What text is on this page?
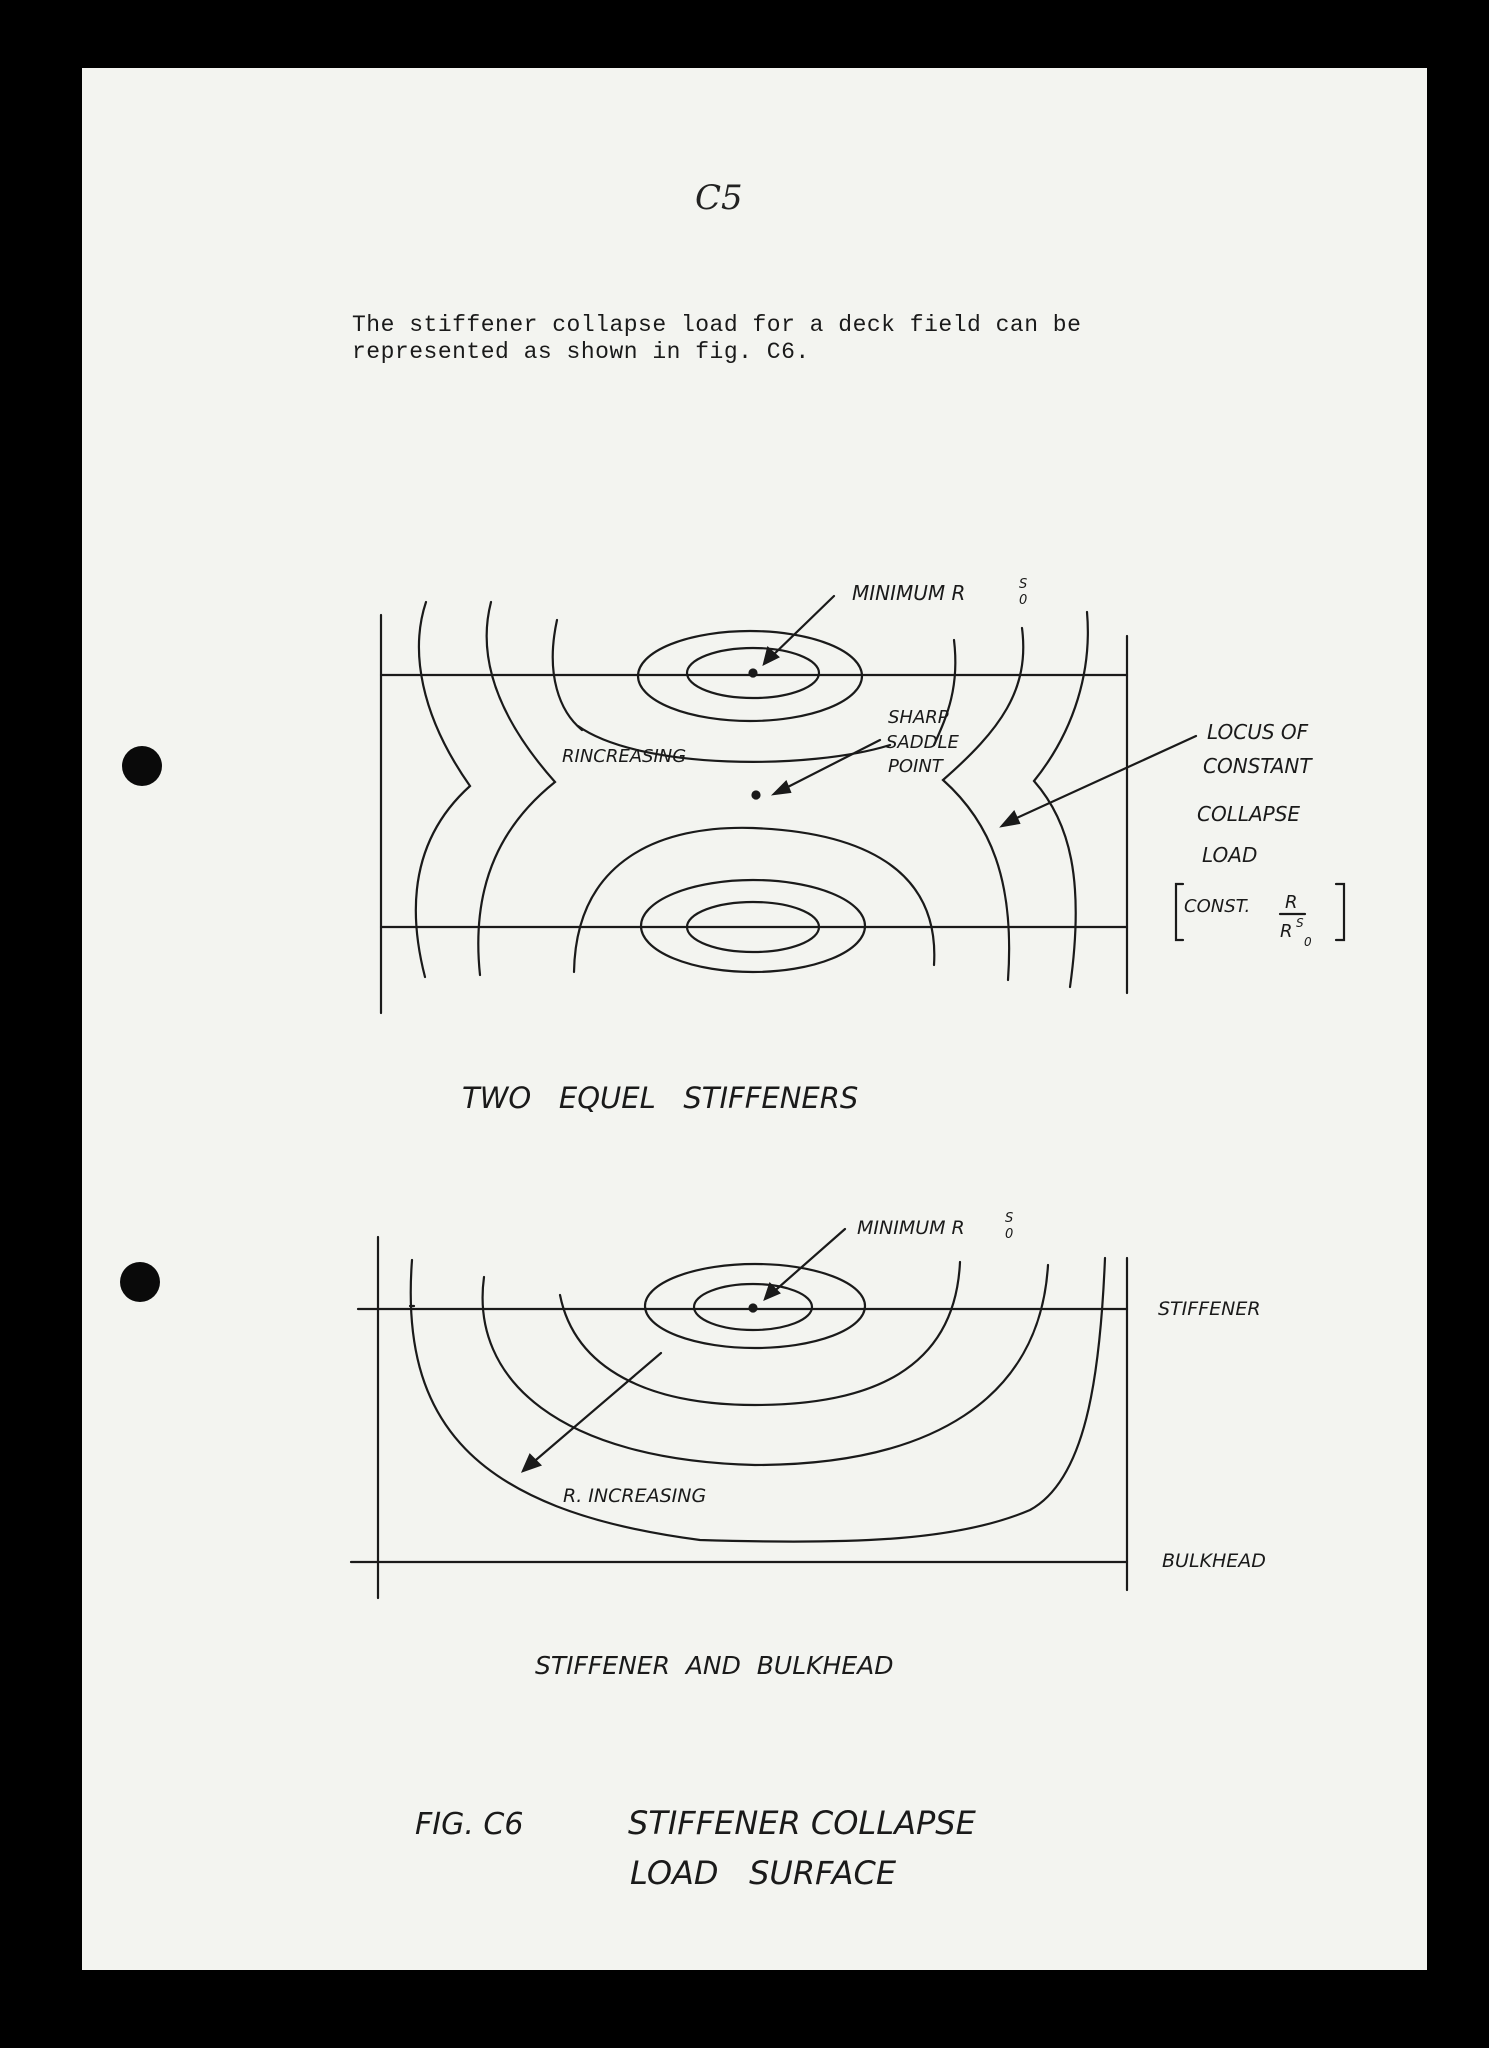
C5
The stiffener collapse load for a deck field can be
represented as shown in fig. C6.
MINIMUM R	S
0
RINCREASING
SHARP
SADDLE
POINT
LOCUS OF
CONSTANT
COLLAPSE
LOAD
CONST. R
R S
0
TWO   EQUEL   STIFFENERS
MINIMUM R	S
0
STIFFENER
BULKHEAD
R. INCREASING
STIFFENER  AND  BULKHEAD
FIG. C6	STIFFENER COLLAPSE
LOAD   SURFACE
